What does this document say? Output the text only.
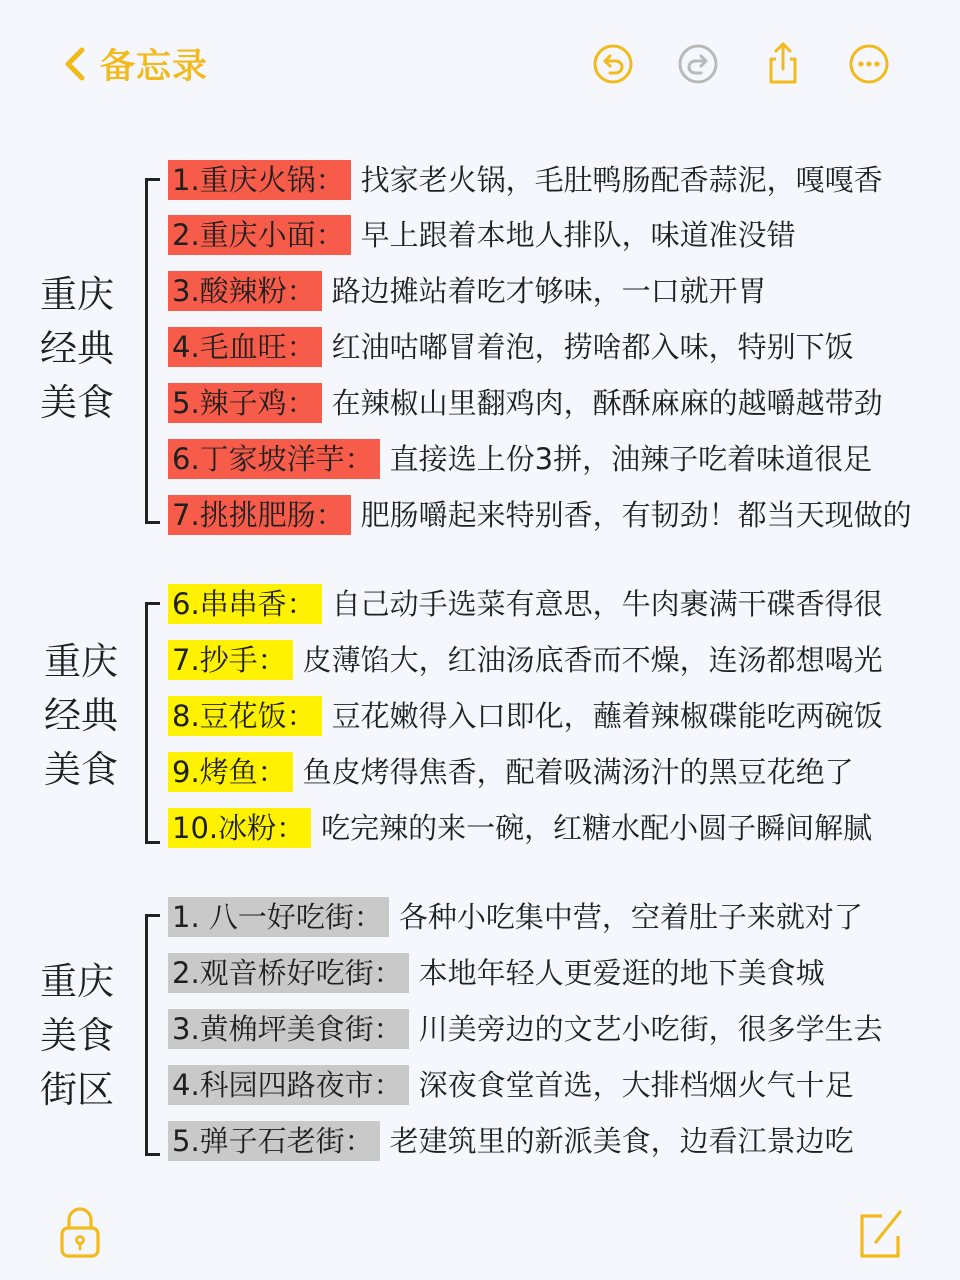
备忘录
重庆
经典
美食
1.重庆火锅： 找家老火锅，毛肚鸭肠配香蒜泥，嘎嘎香
2.重庆小面： 早上跟着本地人排队，味道准没错
3.酸辣粉： 路边摊站着吃才够味，一口就开胃
4.毛血旺： 红油咕嘟冒着泡，捞啥都入味，特别下饭
5.辣子鸡： 在辣椒山里翻鸡肉，酥酥麻麻的越嚼越带劲
6.丁家坡洋芋： 直接选上份3拼，油辣子吃着味道很足
7.挑挑肥肠： 肥肠嚼起来特别香，有韧劲！都当天现做的
重庆
经典
美食
6.串串香： 自己动手选菜有意思，牛肉裹满干碟香得很
7.抄手： 皮薄馅大，红油汤底香而不燥，连汤都想喝光
8.豆花饭： 豆花嫩得入口即化，蘸着辣椒碟能吃两碗饭
9.烤鱼： 鱼皮烤得焦香，配着吸满汤汁的黑豆花绝了
10.冰粉： 吃完辣的来一碗，红糖水配小圆子瞬间解腻
重庆
美食
街区
1. 八一好吃街： 各种小吃集中营，空着肚子来就对了
2.观音桥好吃街： 本地年轻人更爱逛的地下美食城
3.黄桷坪美食街： 川美旁边的文艺小吃街，很多学生去
4.科园四路夜市： 深夜食堂首选，大排档烟火气十足
5.弹子石老街： 老建筑里的新派美食，边看江景边吃
